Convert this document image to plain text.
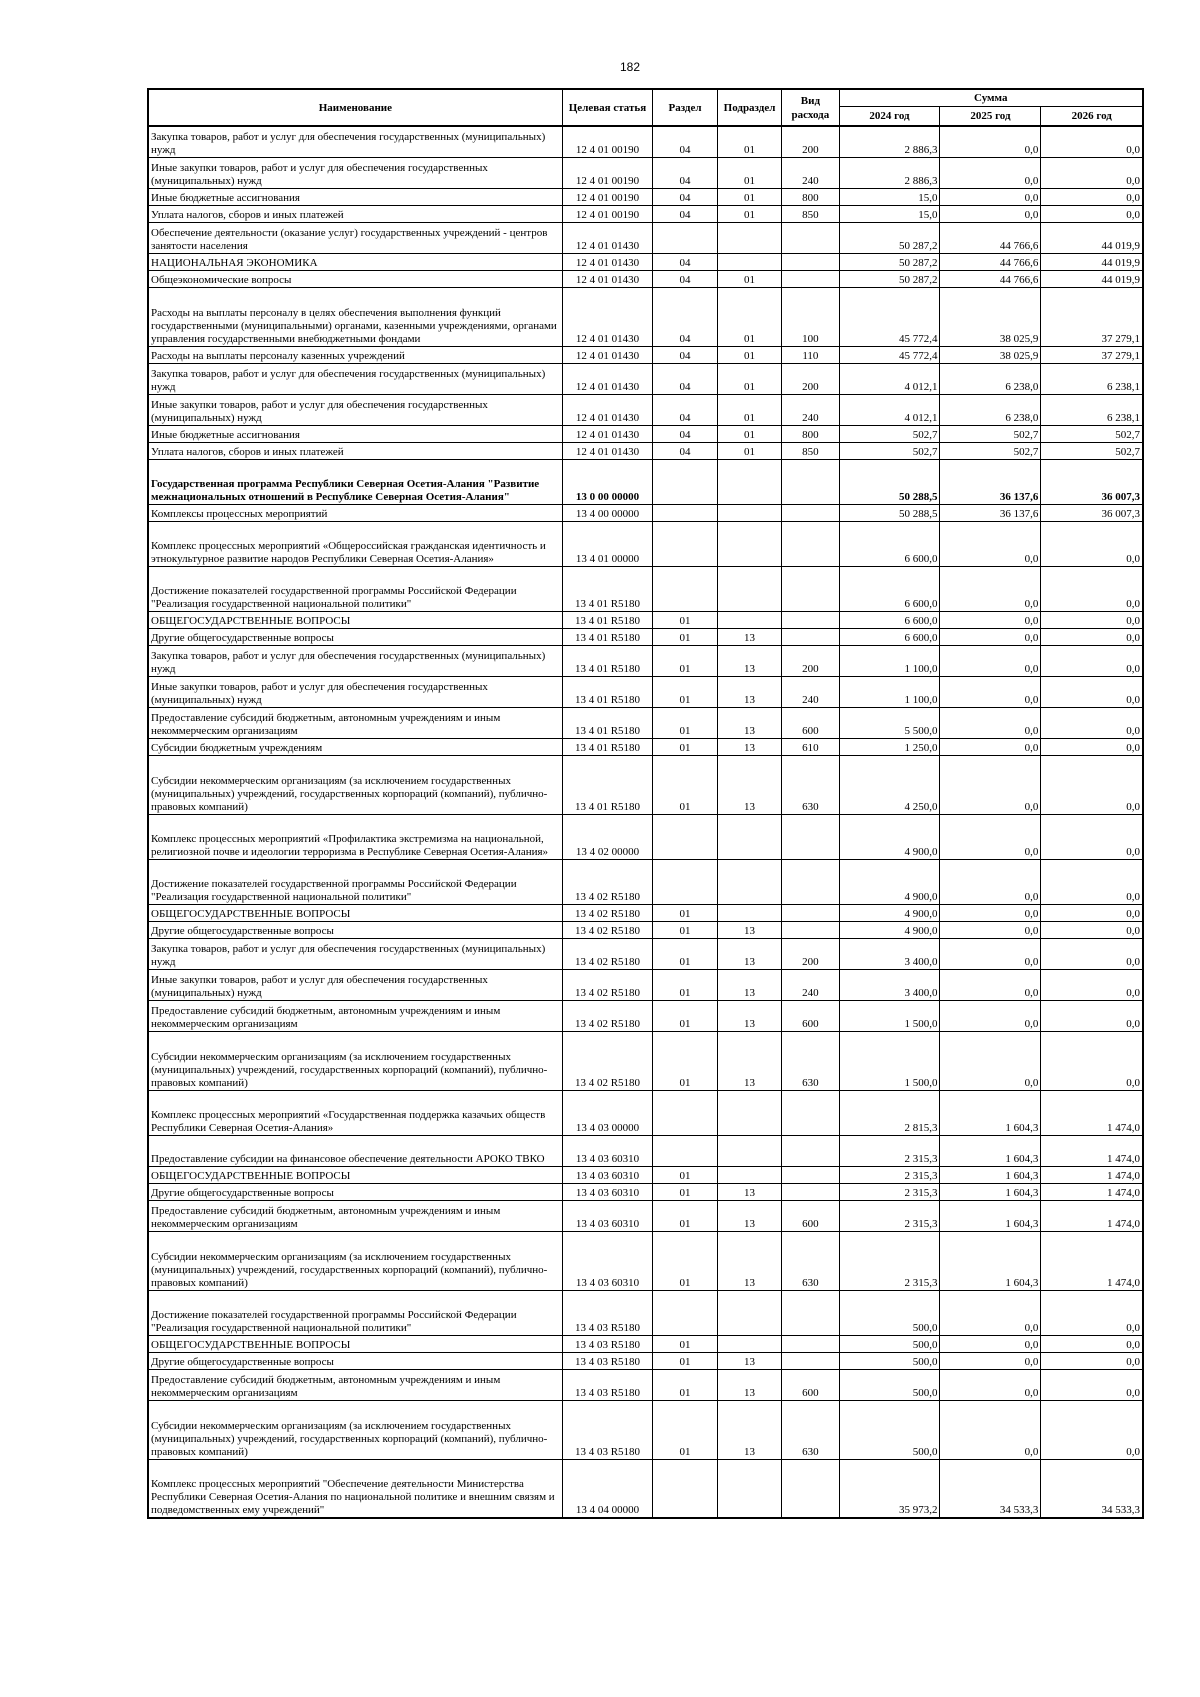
182
Наименование	Целевая статья	Раздел	Подраздел	Вид расхода	Сумма		
					2024 год	2025 год	2026 год
Закупка товаров, работ и услуг для обеспечения государственных (муниципальных) нужд	12 4 01 00190	04	01	200	2 886,3	0,0	0,0
Иные закупки товаров, работ и услуг для обеспечения государственных (муниципальных) нужд	12 4 01 00190	04	01	240	2 886,3	0,0	0,0
Иные бюджетные ассигнования	12 4 01 00190	04	01	800	15,0	0,0	0,0
Уплата налогов, сборов и иных платежей	12 4 01 00190	04	01	850	15,0	0,0	0,0
Обеспечение деятельности (оказание услуг) государственных учреждений - центров занятости населения	12 4 01 01430				50 287,2	44 766,6	44 019,9
НАЦИОНАЛЬНАЯ ЭКОНОМИКА	12 4 01 01430	04			50 287,2	44 766,6	44 019,9
Общеэкономические вопросы	12 4 01 01430	04	01		50 287,2	44 766,6	44 019,9
Расходы на выплаты персоналу в целях обеспечения выполнения функций государственными (муниципальными) органами, казенными учреждениями, органами управления государственными внебюджетными фондами	12 4 01 01430	04	01	100	45 772,4	38 025,9	37 279,1
Расходы на выплаты персоналу казенных учреждений	12 4 01 01430	04	01	110	45 772,4	38 025,9	37 279,1
Закупка товаров, работ и услуг для обеспечения государственных (муниципальных) нужд	12 4 01 01430	04	01	200	4 012,1	6 238,0	6 238,1
Иные закупки товаров, работ и услуг для обеспечения государственных (муниципальных) нужд	12 4 01 01430	04	01	240	4 012,1	6 238,0	6 238,1
Иные бюджетные ассигнования	12 4 01 01430	04	01	800	502,7	502,7	502,7
Уплата налогов, сборов и иных платежей	12 4 01 01430	04	01	850	502,7	502,7	502,7
Государственная программа Республики Северная Осетия-Алания "Развитие межнациональных отношений в Республике Северная Осетия-Алания"	13 0 00 00000				50 288,5	36 137,6	36 007,3
Комплексы процессных мероприятий	13 4 00 00000				50 288,5	36 137,6	36 007,3
Комплекс процессных мероприятий «Общероссийская гражданская идентичность и этнокультурное развитие народов Республики Северная Осетия-Алания»	13 4 01 00000				6 600,0	0,0	0,0
Достижение показателей государственной программы Российской Федерации "Реализация государственной национальной политики"	13 4 01 R5180				6 600,0	0,0	0,0
ОБЩЕГОСУДАРСТВЕННЫЕ ВОПРОСЫ	13 4 01 R5180	01			6 600,0	0,0	0,0
Другие общегосударственные вопросы	13 4 01 R5180	01	13		6 600,0	0,0	0,0
Закупка товаров, работ и услуг для обеспечения государственных (муниципальных) нужд	13 4 01 R5180	01	13	200	1 100,0	0,0	0,0
Иные закупки товаров, работ и услуг для обеспечения государственных (муниципальных) нужд	13 4 01 R5180	01	13	240	1 100,0	0,0	0,0
Предоставление субсидий бюджетным, автономным учреждениям и иным некоммерческим организациям	13 4 01 R5180	01	13	600	5 500,0	0,0	0,0
Субсидии бюджетным учреждениям	13 4 01 R5180	01	13	610	1 250,0	0,0	0,0
Субсидии некоммерческим организациям (за исключением государственных (муниципальных) учреждений, государственных корпораций (компаний), публично-правовых компаний)	13 4 01 R5180	01	13	630	4 250,0	0,0	0,0
Комплекс процессных мероприятий «Профилактика экстремизма на национальной, религиозной почве и идеологии терроризма в Республике Северная Осетия-Алания»	13 4 02 00000				4 900,0	0,0	0,0
Достижение показателей государственной программы Российской Федерации "Реализация государственной национальной политики"	13 4 02 R5180				4 900,0	0,0	0,0
ОБЩЕГОСУДАРСТВЕННЫЕ ВОПРОСЫ	13 4 02 R5180	01			4 900,0	0,0	0,0
Другие общегосударственные вопросы	13 4 02 R5180	01	13		4 900,0	0,0	0,0
Закупка товаров, работ и услуг для обеспечения государственных (муниципальных) нужд	13 4 02 R5180	01	13	200	3 400,0	0,0	0,0
Иные закупки товаров, работ и услуг для обеспечения государственных (муниципальных) нужд	13 4 02 R5180	01	13	240	3 400,0	0,0	0,0
Предоставление субсидий бюджетным, автономным учреждениям и иным некоммерческим организациям	13 4 02 R5180	01	13	600	1 500,0	0,0	0,0
Субсидии некоммерческим организациям (за исключением государственных (муниципальных) учреждений, государственных корпораций (компаний), публично-правовых компаний)	13 4 02 R5180	01	13	630	1 500,0	0,0	0,0
Комплекс процессных мероприятий «Государственная поддержка казачьих обществ Республики Северная Осетия-Алания»	13 4 03 00000				2 815,3	1 604,3	1 474,0
Предоставление субсидии на финансовое обеспечение деятельности АРОКО ТВКО	13 4 03 60310				2 315,3	1 604,3	1 474,0
ОБЩЕГОСУДАРСТВЕННЫЕ ВОПРОСЫ	13 4 03 60310	01			2 315,3	1 604,3	1 474,0
Другие общегосударственные вопросы	13 4 03 60310	01	13		2 315,3	1 604,3	1 474,0
Предоставление субсидий бюджетным, автономным учреждениям и иным некоммерческим организациям	13 4 03 60310	01	13	600	2 315,3	1 604,3	1 474,0
Субсидии некоммерческим организациям (за исключением государственных (муниципальных) учреждений, государственных корпораций (компаний), публично-правовых компаний)	13 4 03 60310	01	13	630	2 315,3	1 604,3	1 474,0
Достижение показателей государственной программы Российской Федерации "Реализация государственной национальной политики"	13 4 03 R5180				500,0	0,0	0,0
ОБЩЕГОСУДАРСТВЕННЫЕ ВОПРОСЫ	13 4 03 R5180	01			500,0	0,0	0,0
Другие общегосударственные вопросы	13 4 03 R5180	01	13		500,0	0,0	0,0
Предоставление субсидий бюджетным, автономным учреждениям и иным некоммерческим организациям	13 4 03 R5180	01	13	600	500,0	0,0	0,0
Субсидии некоммерческим организациям (за исключением государственных (муниципальных) учреждений, государственных корпораций (компаний), публично-правовых компаний)	13 4 03 R5180	01	13	630	500,0	0,0	0,0
Комплекс процессных мероприятий "Обеспечение деятельности Министерства Республики Северная Осетия-Алания по национальной политике и внешним связям и подведомственных ему учреждений"	13 4 04 00000				35 973,2	34 533,3	34 533,3
